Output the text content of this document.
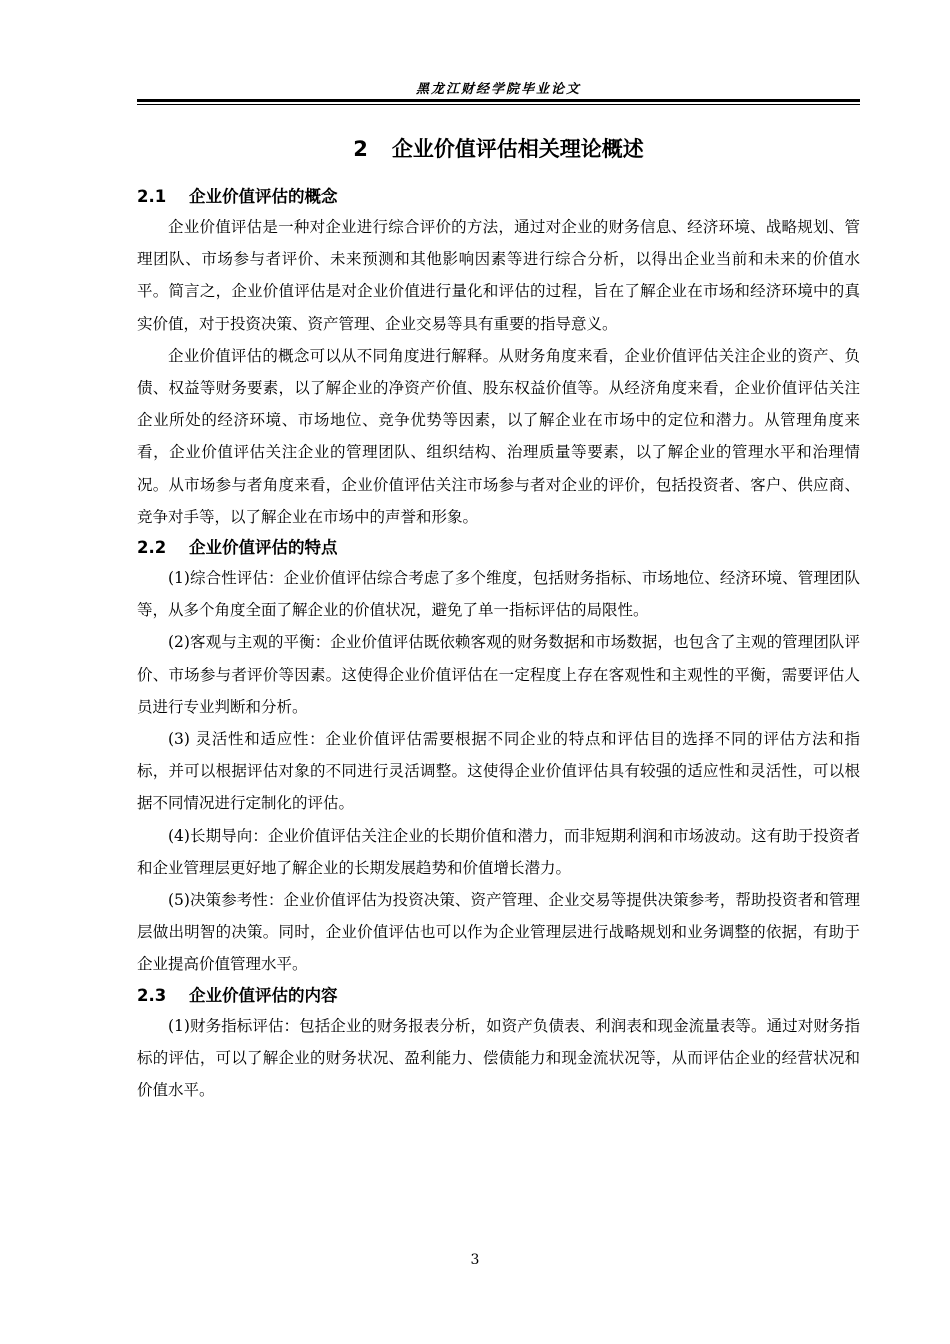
黑龙江财经学院毕业论文
2 企业价值评估相关理论概述
2.1 企业价值评估的概念

企业价值评估是一种对企业进行综合评价的方法，通过对企业的财务信息、经济环境、战略规划、管理团队、市场参与者评价、未来预测和其他影响因素等进行综合分析，以得出企业当前和未来的价值水平。简言之，企业价值评估是对企业价值进行量化和评估的过程，旨在了解企业在市场和经济环境中的真实价值，对于投资决策、资产管理、企业交易等具有重要的指导意义。

企业价值评估的概念可以从不同角度进行解释。从财务角度来看，企业价值评估关注企业的资产、负债、权益等财务要素，以了解企业的净资产价值、股东权益价值等。从经济角度来看，企业价值评估关注企业所处的经济环境、市场地位、竞争优势等因素，以了解企业在市场中的定位和潜力。从管理角度来看，企业价值评估关注企业的管理团队、组织结构、治理质量等要素，以了解企业的管理水平和治理情况。从市场参与者角度来看，企业价值评估关注市场参与者对企业的评价，包括投资者、客户、供应商、竞争对手等，以了解企业在市场中的声誉和形象。

2.2 企业价值评估的特点

(1)综合性评估：企业价值评估综合考虑了多个维度，包括财务指标、市场地位、经济环境、管理团队等，从多个角度全面了解企业的价值状况，避免了单一指标评估的局限性。

(2)客观与主观的平衡：企业价值评估既依赖客观的财务数据和市场数据，也包含了主观的管理团队评价、市场参与者评价等因素。这使得企业价值评估在一定程度上存在客观性和主观性的平衡，需要评估人员进行专业判断和分析。

(3) 灵活性和适应性：企业价值评估需要根据不同企业的特点和评估目的选择不同的评估方法和指标，并可以根据评估对象的不同进行灵活调整。这使得企业价值评估具有较强的适应性和灵活性，可以根据不同情况进行定制化的评估。

(4)长期导向：企业价值评估关注企业的长期价值和潜力，而非短期利润和市场波动。这有助于投资者和企业管理层更好地了解企业的长期发展趋势和价值增长潜力。

(5)决策参考性：企业价值评估为投资决策、资产管理、企业交易等提供决策参考，帮助投资者和管理层做出明智的决策。同时，企业价值评估也可以作为企业管理层进行战略规划和业务调整的依据，有助于企业提高价值管理水平。

2.3 企业价值评估的内容

(1)财务指标评估：包括企业的财务报表分析，如资产负债表、利润表和现金流量表等。通过对财务指标的评估，可以了解企业的财务状况、盈利能力、偿债能力和现金流状况等，从而评估企业的经营状况和价值水平。

3
